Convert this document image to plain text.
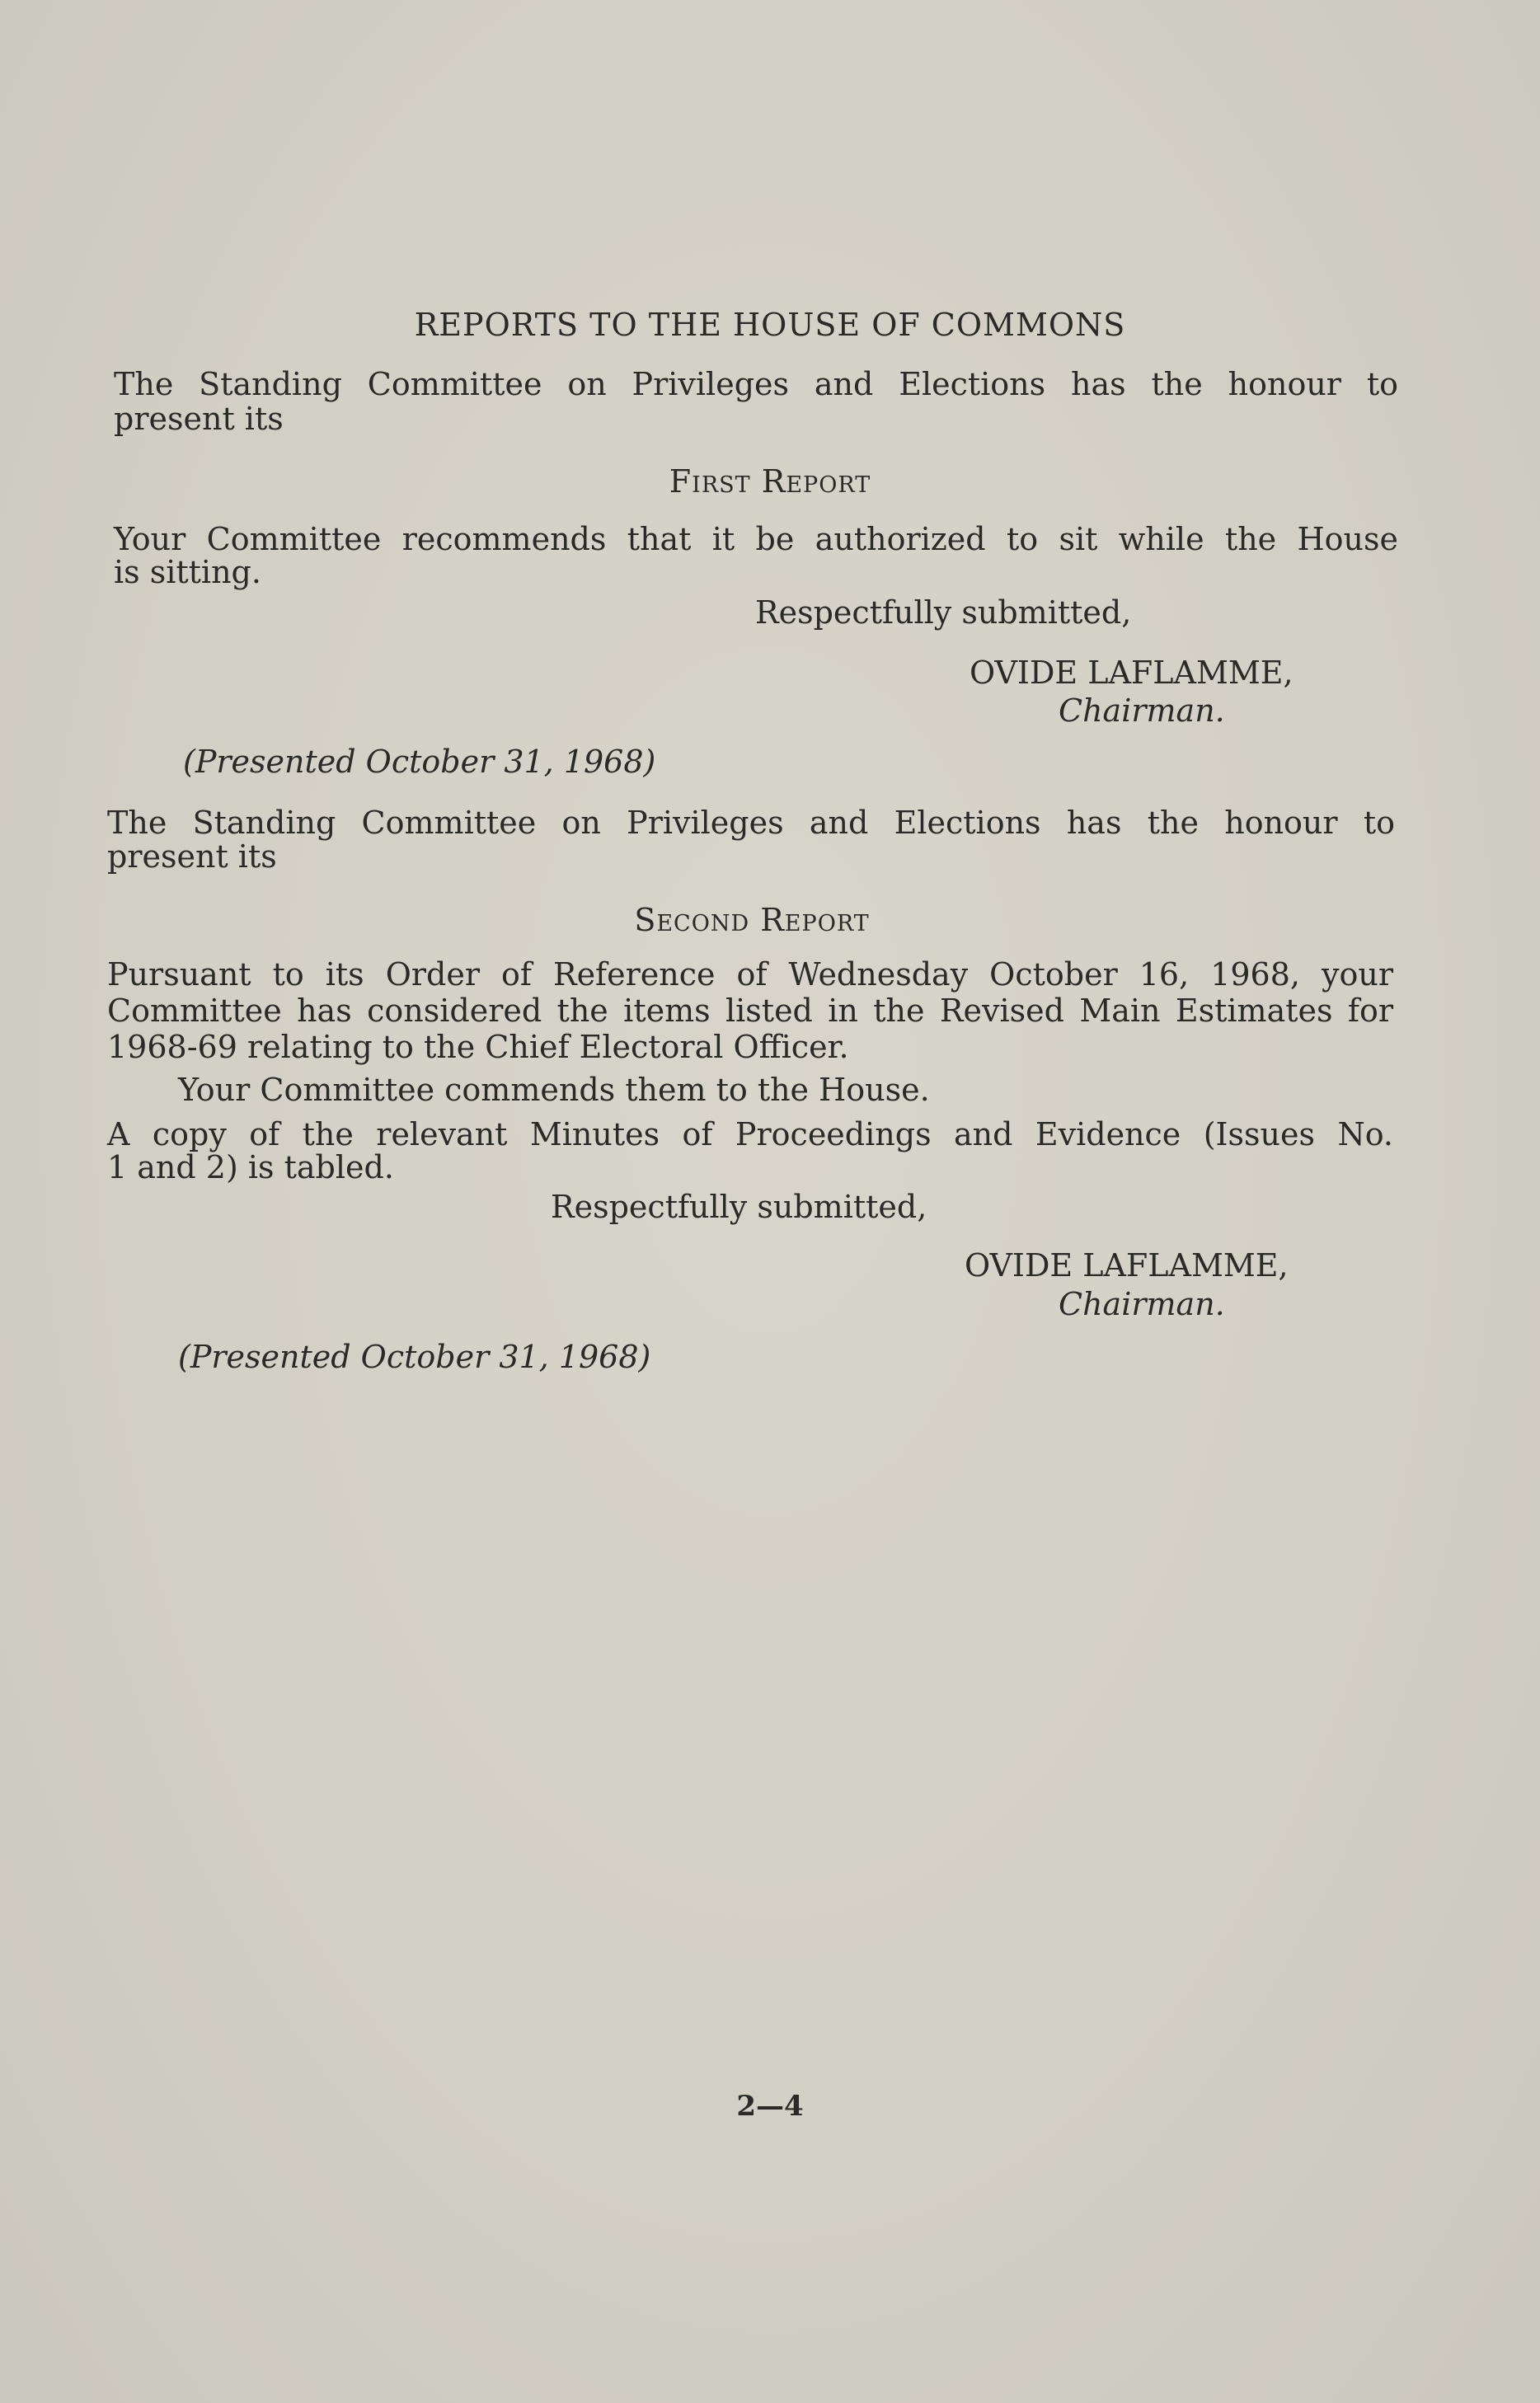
REPORTS TO THE HOUSE OF COMMONS
The Standing Committee on Privileges and Elections has the honour to
present its
First Report
Your Committee recommends that it be authorized to sit while the House
is sitting.
Respectfully submitted,
OVIDE LAFLAMME,
Chairman.
(Presented October 31, 1968)
The Standing Committee on Privileges and Elections has the honour to
present its
Second Report
Pursuant to its Order of Reference of Wednesday October 16, 1968, your
Committee has considered the items listed in the Revised Main Estimates for
1968-69 relating to the Chief Electoral Officer.
Your Committee commends them to the House.
A copy of the relevant Minutes of Proceedings and Evidence (Issues No.
1 and 2) is tabled.
Respectfully submitted,
OVIDE LAFLAMME,
Chairman.
(Presented October 31, 1968)
2—4
